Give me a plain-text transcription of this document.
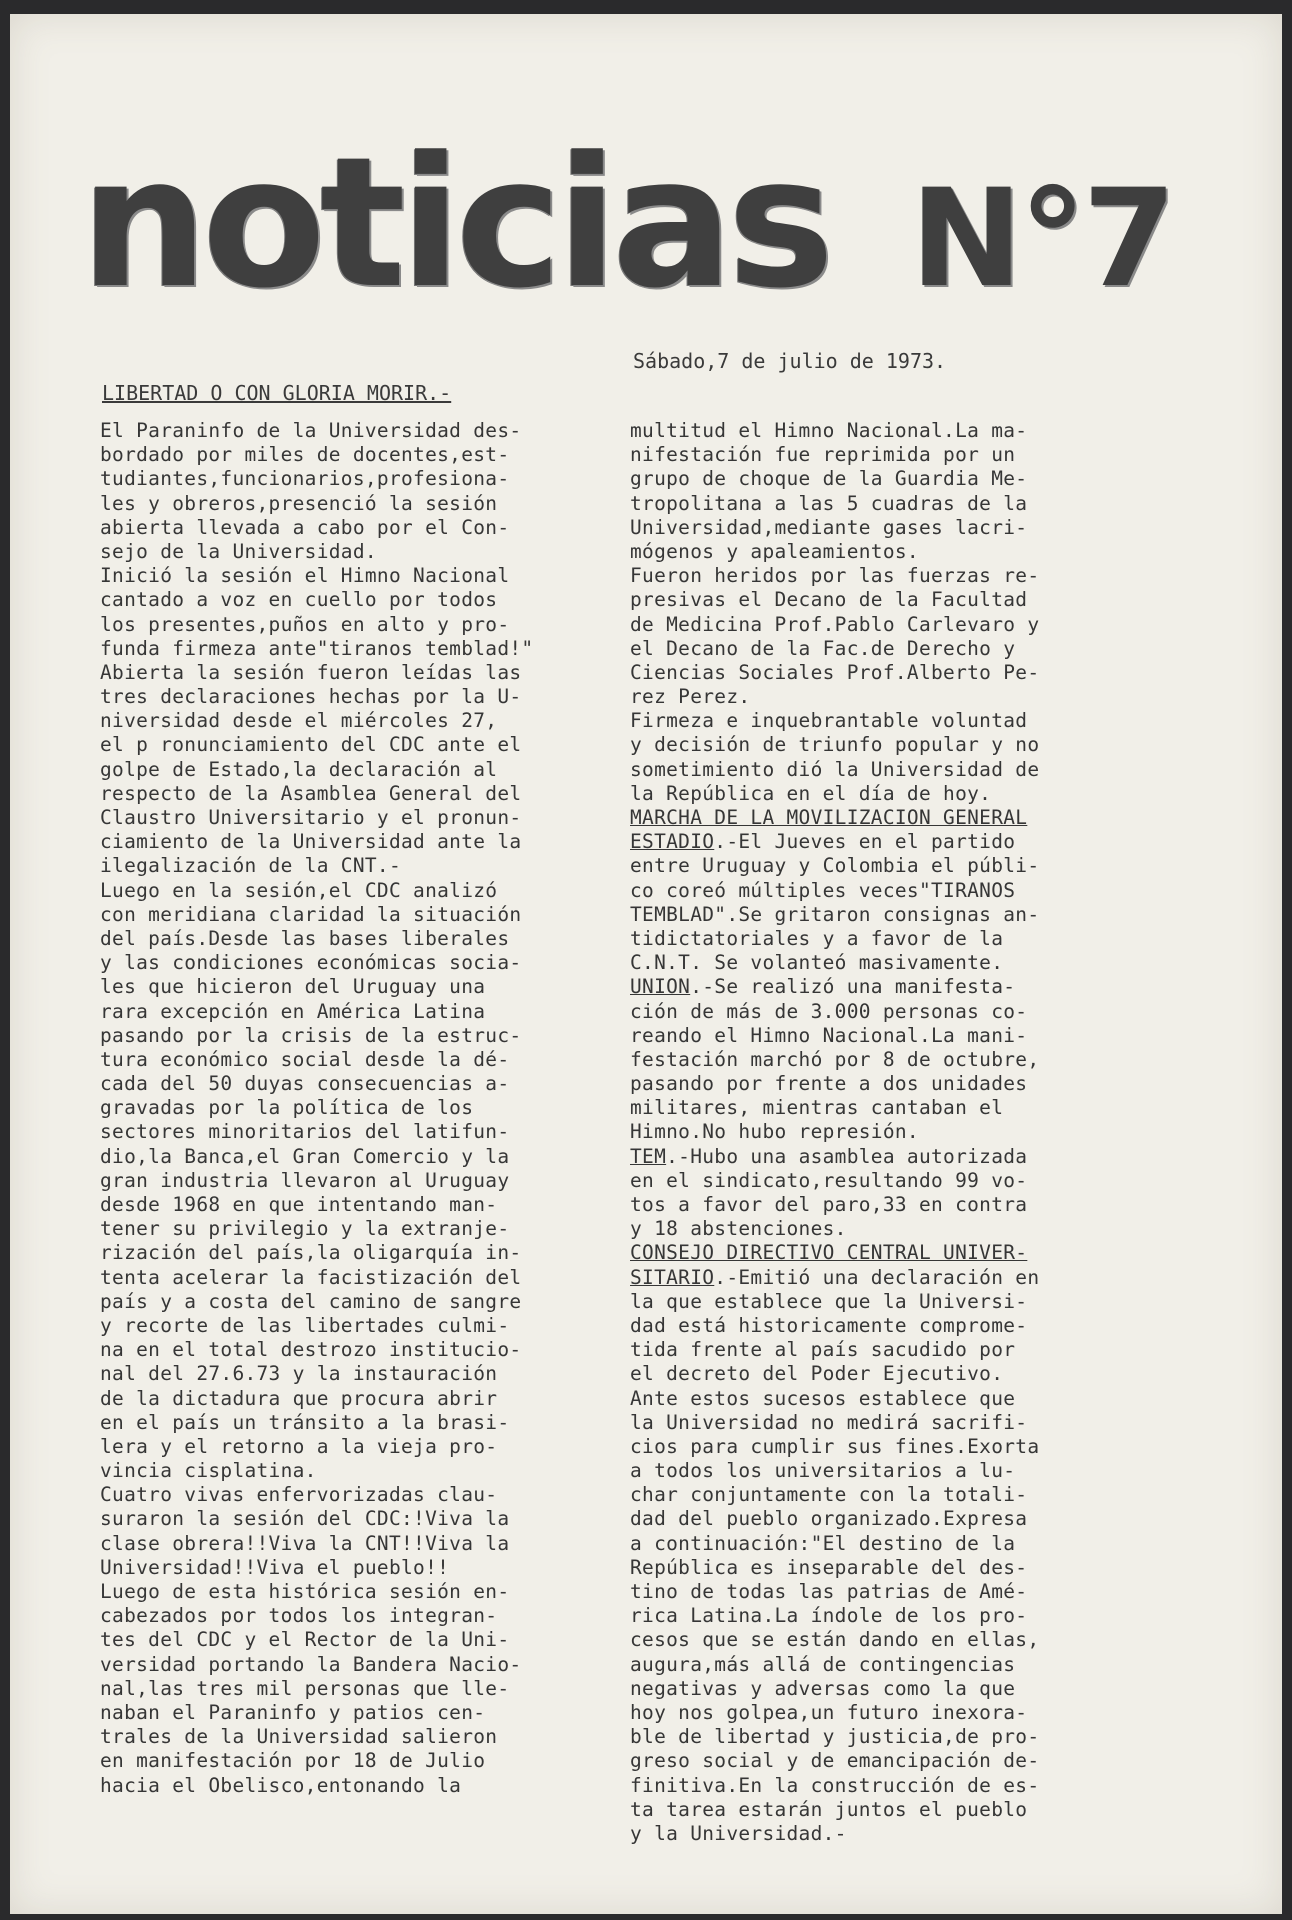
noticias N°7
Sábado,7 de julio de 1973.
LIBERTAD O CON GLORIA MORIR.-
El Paraninfo de la Universidad des-
bordado por miles de docentes,est-
tudiantes,funcionarios,profesiona-
les y obreros,presenció la sesión
abierta llevada a cabo por el Con-
sejo de la Universidad.
Inició la sesión el Himno Nacional
cantado a voz en cuello por todos
los presentes,puños en alto y pro-
funda firmeza ante"tiranos temblad!"
Abierta la sesión fueron leídas las
tres declaraciones hechas por la U-
niversidad desde el miércoles 27,
el p ronunciamiento del CDC ante el
golpe de Estado,la declaración al
respecto de la Asamblea General del
Claustro Universitario y el pronun-
ciamiento de la Universidad ante la
ilegalización de la CNT.-
Luego en la sesión,el CDC analizó
con meridiana claridad la situación
del país.Desde las bases liberales
y las condiciones económicas socia-
les que hicieron del Uruguay una
rara excepción en América Latina
pasando por la crisis de la estruc-
tura económico social desde la dé-
cada del 50 duyas consecuencias a-
gravadas por la política de los
sectores minoritarios del latifun-
dio,la Banca,el Gran Comercio y la
gran industria llevaron al Uruguay
desde 1968 en que intentando man-
tener su privilegio y la extranje-
rización del país,la oligarquía in-
tenta acelerar la facistización del
país y a costa del camino de sangre
y recorte de las libertades culmi-
na en el total destrozo institucio-
nal del 27.6.73 y la instauración
de la dictadura que procura abrir
en el país un tránsito a la brasi-
lera y el retorno a la vieja pro-
vincia cisplatina.
Cuatro vivas enfervorizadas clau-
suraron la sesión del CDC:!Viva la
clase obrera!!Viva la CNT!!Viva la
Universidad!!Viva el pueblo!!
Luego de esta histórica sesión en-
cabezados por todos los integran-
tes del CDC y el Rector de la Uni-
versidad portando la Bandera Nacio-
nal,las tres mil personas que lle-
naban el Paraninfo y patios cen-
trales de la Universidad salieron
en manifestación por 18 de Julio
hacia el Obelisco,entonando la
multitud el Himno Nacional.La ma-
nifestación fue reprimida por un
grupo de choque de la Guardia Me-
tropolitana a las 5 cuadras de la
Universidad,mediante gases lacri-
mógenos y apaleamientos.
Fueron heridos por las fuerzas re-
presivas el Decano de la Facultad
de Medicina Prof.Pablo Carlevaro y
el Decano de la Fac.de Derecho y
Ciencias Sociales Prof.Alberto Pe-
rez Perez.
Firmeza e inquebrantable voluntad
y decisión de triunfo popular y no
sometimiento dió la Universidad de
la República en el día de hoy.
MARCHA DE LA MOVILIZACION GENERAL
ESTADIO.-El Jueves en el partido
entre Uruguay y Colombia el públi-
co coreó múltiples veces"TIRANOS
TEMBLAD".Se gritaron consignas an-
tidictatoriales y a favor de la
C.N.T. Se volanteó masivamente.
UNION.-Se realizó una manifesta-
ción de más de 3.000 personas co-
reando el Himno Nacional.La mani-
festación marchó por 8 de octubre,
pasando por frente a dos unidades
militares, mientras cantaban el
Himno.No hubo represión.
TEM.-Hubo una asamblea autorizada
en el sindicato,resultando 99 vo-
tos a favor del paro,33 en contra
y 18 abstenciones.
CONSEJO DIRECTIVO CENTRAL UNIVER-
SITARIO.-Emitió una declaración en
la que establece que la Universi-
dad está historicamente comprome-
tida frente al país sacudido por
el decreto del Poder Ejecutivo.
Ante estos sucesos establece que
la Universidad no medirá sacrifi-
cios para cumplir sus fines.Exorta
a todos los universitarios a lu-
char conjuntamente con la totali-
dad del pueblo organizado.Expresa
a continuación:"El destino de la
República es inseparable del des-
tino de todas las patrias de Amé-
rica Latina.La índole de los pro-
cesos que se están dando en ellas,
augura,más allá de contingencias
negativas y adversas como la que
hoy nos golpea,un futuro inexora-
ble de libertad y justicia,de pro-
greso social y de emancipación de-
finitiva.En la construcción de es-
ta tarea estarán juntos el pueblo
y la Universidad.-
